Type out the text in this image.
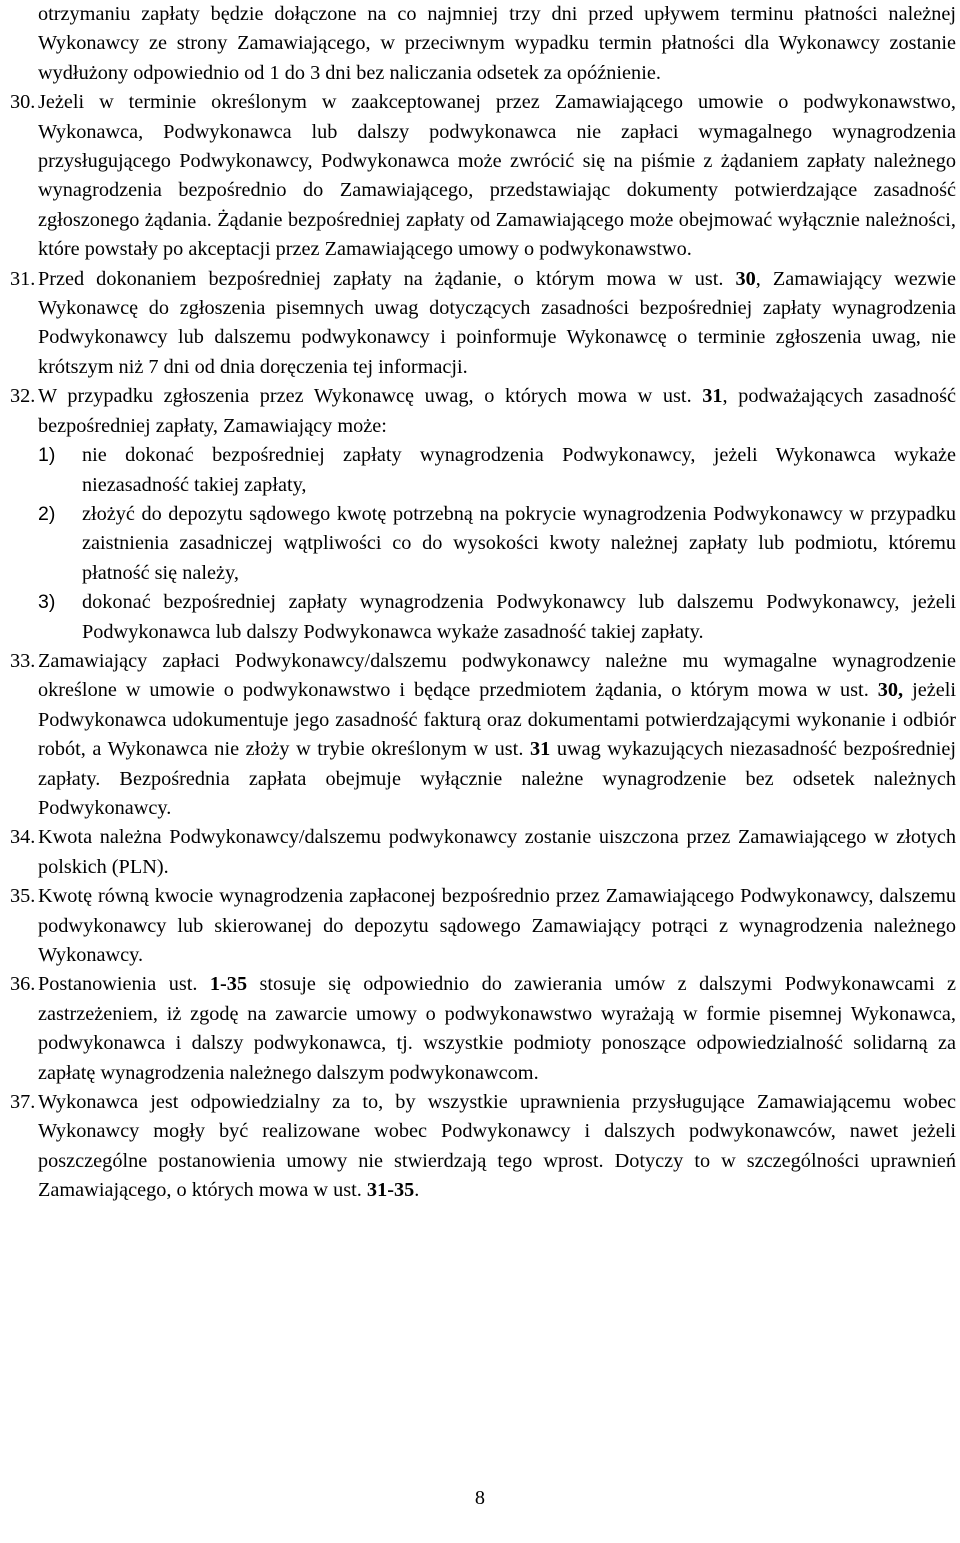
otrzymaniu zapłaty będzie dołączone na co najmniej trzy dni przed upływem terminu płatności należnej Wykonawcy ze strony Zamawiającego, w przeciwnym wypadku termin płatności dla Wykonawcy zostanie wydłużony odpowiednio od 1 do 3 dni bez naliczania odsetek za opóźnienie.
30. Jeżeli w terminie określonym w zaakceptowanej przez Zamawiającego umowie o podwykonawstwo, Wykonawca, Podwykonawca lub dalszy podwykonawca nie zapłaci wymagalnego wynagrodzenia przysługującego Podwykonawcy, Podwykonawca może zwrócić się na piśmie z żądaniem zapłaty należnego wynagrodzenia bezpośrednio do Zamawiającego, przedstawiając dokumenty potwierdzające zasadność zgłoszonego żądania. Żądanie bezpośredniej zapłaty od Zamawiającego może obejmować wyłącznie należności, które powstały po akceptacji przez Zamawiającego umowy o podwykonawstwo.
31. Przed dokonaniem bezpośredniej zapłaty na żądanie, o którym mowa w ust. 30, Zamawiający wezwie Wykonawcę do zgłoszenia pisemnych uwag dotyczących zasadności bezpośredniej zapłaty wynagrodzenia Podwykonawcy lub dalszemu podwykonawcy i poinformuje Wykonawcę o terminie zgłoszenia uwag, nie krótszym niż 7 dni od dnia doręczenia tej informacji.
32. W przypadku zgłoszenia przez Wykonawcę uwag, o których mowa w ust. 31, podważających zasadność bezpośredniej zapłaty, Zamawiający może:
1)	nie dokonać bezpośredniej zapłaty wynagrodzenia Podwykonawcy, jeżeli Wykonawca wykaże niezasadność takiej zapłaty,
2)	złożyć do depozytu sądowego kwotę potrzebną na pokrycie wynagrodzenia Podwykonawcy w przypadku zaistnienia zasadniczej wątpliwości co do wysokości kwoty należnej zapłaty lub podmiotu, któremu płatność się należy,
3)	dokonać bezpośredniej zapłaty wynagrodzenia Podwykonawcy lub dalszemu Podwykonawcy, jeżeli Podwykonawca lub dalszy Podwykonawca wykaże zasadność takiej zapłaty.
33. Zamawiający zapłaci Podwykonawcy/dalszemu podwykonawcy należne mu wymagalne wynagrodzenie określone w umowie o podwykonawstwo i będące przedmiotem żądania, o którym mowa w ust. 30, jeżeli Podwykonawca udokumentuje jego zasadność fakturą oraz dokumentami potwierdzającymi wykonanie i odbiór robót, a Wykonawca nie złoży w trybie określonym w ust. 31 uwag wykazujących niezasadność bezpośredniej zapłaty. Bezpośrednia zapłata obejmuje wyłącznie należne wynagrodzenie bez odsetek należnych Podwykonawcy.
34. Kwota należna Podwykonawcy/dalszemu podwykonawcy zostanie uiszczona przez Zamawiającego w złotych polskich (PLN).
35. Kwotę równą kwocie wynagrodzenia zapłaconej bezpośrednio przez Zamawiającego Podwykonawcy, dalszemu podwykonawcy lub skierowanej do depozytu sądowego Zamawiający potrąci z wynagrodzenia należnego Wykonawcy.
36. Postanowienia ust. 1-35 stosuje się odpowiednio do zawierania umów z dalszymi Podwykonawcami z zastrzeżeniem, iż zgodę na zawarcie umowy o podwykonawstwo wyrażają w formie pisemnej Wykonawca, podwykonawca i dalszy podwykonawca, tj. wszystkie podmioty ponoszące odpowiedzialność solidarną za zapłatę wynagrodzenia należnego dalszym podwykonawcom.
37. Wykonawca jest odpowiedzialny za to, by wszystkie uprawnienia przysługujące Zamawiającemu wobec Wykonawcy mogły być realizowane wobec Podwykonawcy i dalszych podwykonawców, nawet jeżeli poszczególne postanowienia umowy nie stwierdzają tego wprost. Dotyczy to w szczególności uprawnień Zamawiającego, o których mowa w ust. 31-35.
8
